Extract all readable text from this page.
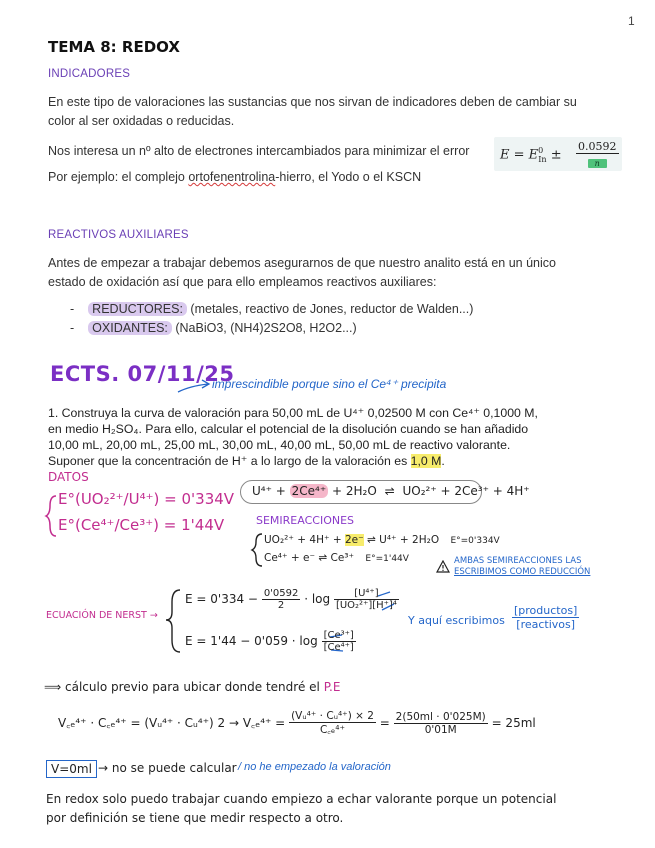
1
TEMA 8: REDOX
INDICADORES
En este tipo de valoraciones las sustancias que nos sirvan de indicadores deben de cambiar su
color al ser oxidadas o reducidas.
Nos interesa un nº alto de electrones intercambiados para minimizar el error $E = E^0_{In}$ ±
0.0592
n
Por ejemplo: el complejo ortofenentrolina-hierro, el Yodo o el KSCN
REACTIVOS AUXILIARES
Antes de empezar a trabajar debemos asegurarnos de que nuestro analito está en un único
estado de oxidación así que para ello empleamos reactivos auxiliares:
- REDUCTORES: (metales, reactivo de Jones, reductor de Walden...)
- OXIDANTES: (NaBiO3, (NH4)2S2O8, H2O2...)
ECTS. 07/11/25
imprescindible porque sino el Ce⁴⁺ precipita
1. Construya la curva de valoración para 50,00 mL de U⁴⁺ 0,02500 M con Ce⁴⁺ 0,1000 M,
en medio H₂SO₄. Para ello, calcular el potencial de la disolución cuando se han añadido
10,00 mL, 20,00 mL, 25,00 mL, 30,00 mL, 40,00 mL, 50,00 mL de reactivo valorante.
Suponer que la concentración de H⁺ a lo largo de la valoración es 1,0 M.
DATOS
E°(UO₂²⁺/U⁴⁺) = 0'334V
E°(Ce⁴⁺/Ce³⁺) = 1'44V
U⁴⁺ + 2Ce⁴⁺ + 2H₂O ⇌ UO₂²⁺ + 2Ce³⁺ + 4H⁺
SEMIREACCIONES
UO₂²⁺ + 4H⁺ + 2e⁻ ⇌ U⁴⁺ + 2H₂O E°=0'334V
Ce⁴⁺ + e⁻ ⇌ Ce³⁺ E°=1'44V	AMBAS SEMIREACCIONES LAS
ESCRIBIMOS COMO REDUCCIÓN
ECUACIÓN DE NERST →
$E = 0'334 - \frac{0'0592}{2} \cdot \log \frac{\text{[U⁴⁺]}}{\text{[UO₂²⁺][H⁺]⁴}}$
$E = 1'44 - 0'059 \cdot \log \frac{\text{[Ce³⁺]}}{\text{[Ce⁴⁺]}}$
Y aquí escribimos
[productos]
[reactivos]
⟹ cálculo previo para ubicar donde tendré el P.E
V꜀ₑ⁴⁺ · C꜀ₑ⁴⁺ = (Vᵤ⁴⁺ · Cᵤ⁴⁺) 2 → V꜀ₑ⁴⁺ = $\frac{\text{(Vᵤ⁴⁺ · Cᵤ⁴⁺) × 2}}{\text{C꜀ₑ⁴⁺}} = \frac{2(50ml \cdot 0'025M)}{0'01M} = 25ml$
V=0ml → no se puede calcular / no he empezado la valoración
En redox solo puedo trabajar cuando empiezo a echar valorante porque un potencial
por definición se tiene que medir respecto a otro.
